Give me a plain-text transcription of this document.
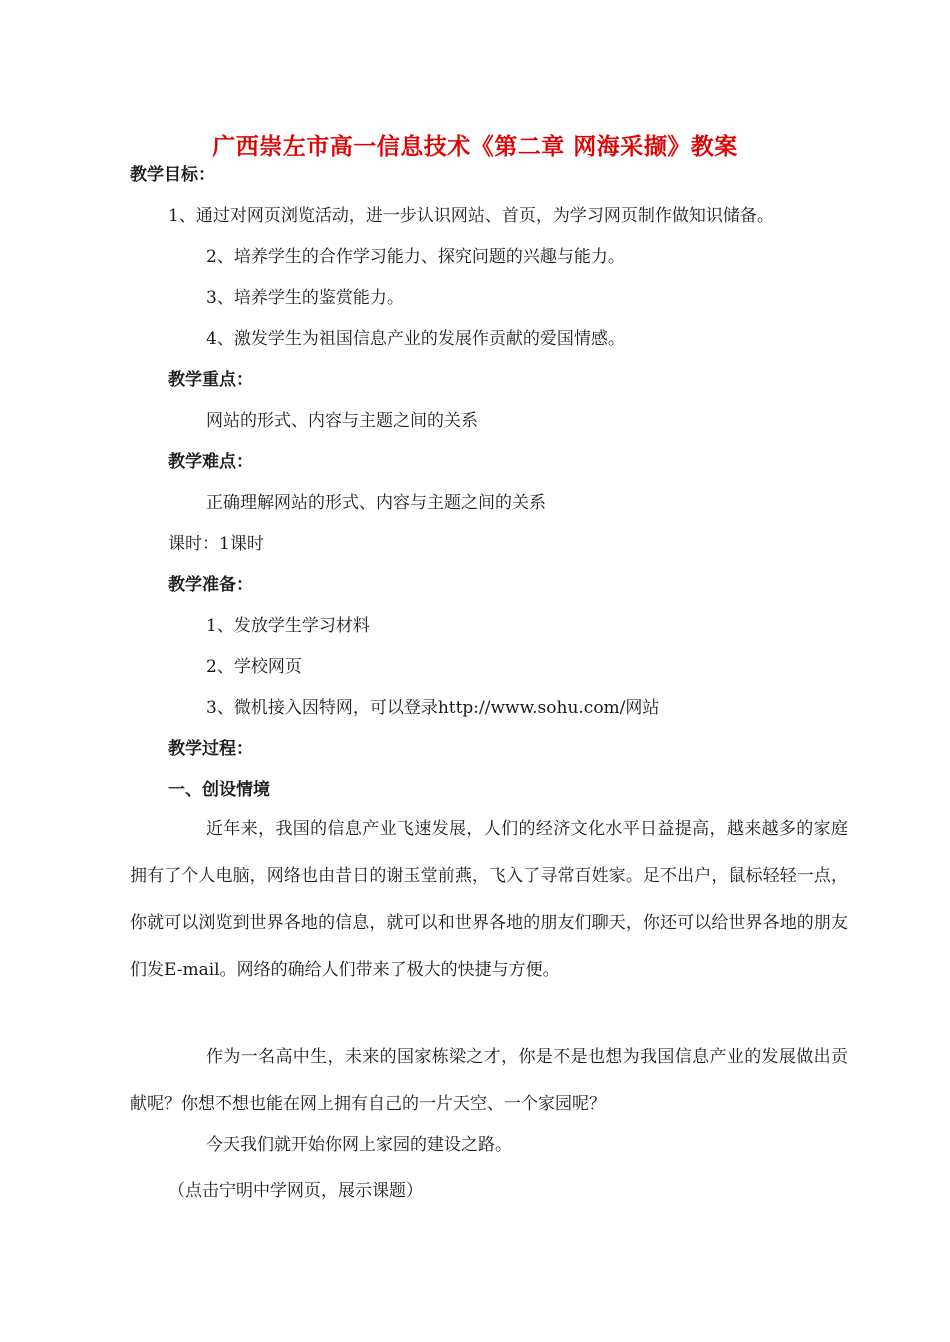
广西崇左市高一信息技术《第二章 网海采撷》教案
教学目标：
1、通过对网页浏览活动，进一步认识网站、首页，为学习网页制作做知识储备。
2、培养学生的合作学习能力、探究问题的兴趣与能力。
3、培养学生的鉴赏能力。
4、激发学生为祖国信息产业的发展作贡献的爱国情感。
教学重点：
网站的形式、内容与主题之间的关系
教学难点：
正确理解网站的形式、内容与主题之间的关系
课时：1课时
教学准备：
1、发放学生学习材料
2、学校网页
3、微机接入因特网，可以登录http://www.sohu.com/网站
教学过程：
一、创设情境
近年来，我国的信息产业飞速发展，人们的经济文化水平日益提高，越来越多的家庭拥有了个人电脑，网络也由昔日的谢玉堂前燕，飞入了寻常百姓家。足不出户，鼠标轻轻一点，你就可以浏览到世界各地的信息，就可以和世界各地的朋友们聊天，你还可以给世界各地的朋友们发E-mail。网络的确给人们带来了极大的快捷与方便。
作为一名高中生，未来的国家栋梁之才，你是不是也想为我国信息产业的发展做出贡献呢？你想不想也能在网上拥有自己的一片天空、一个家园呢？
今天我们就开始你网上家园的建设之路。
（点击宁明中学网页，展示课题）
